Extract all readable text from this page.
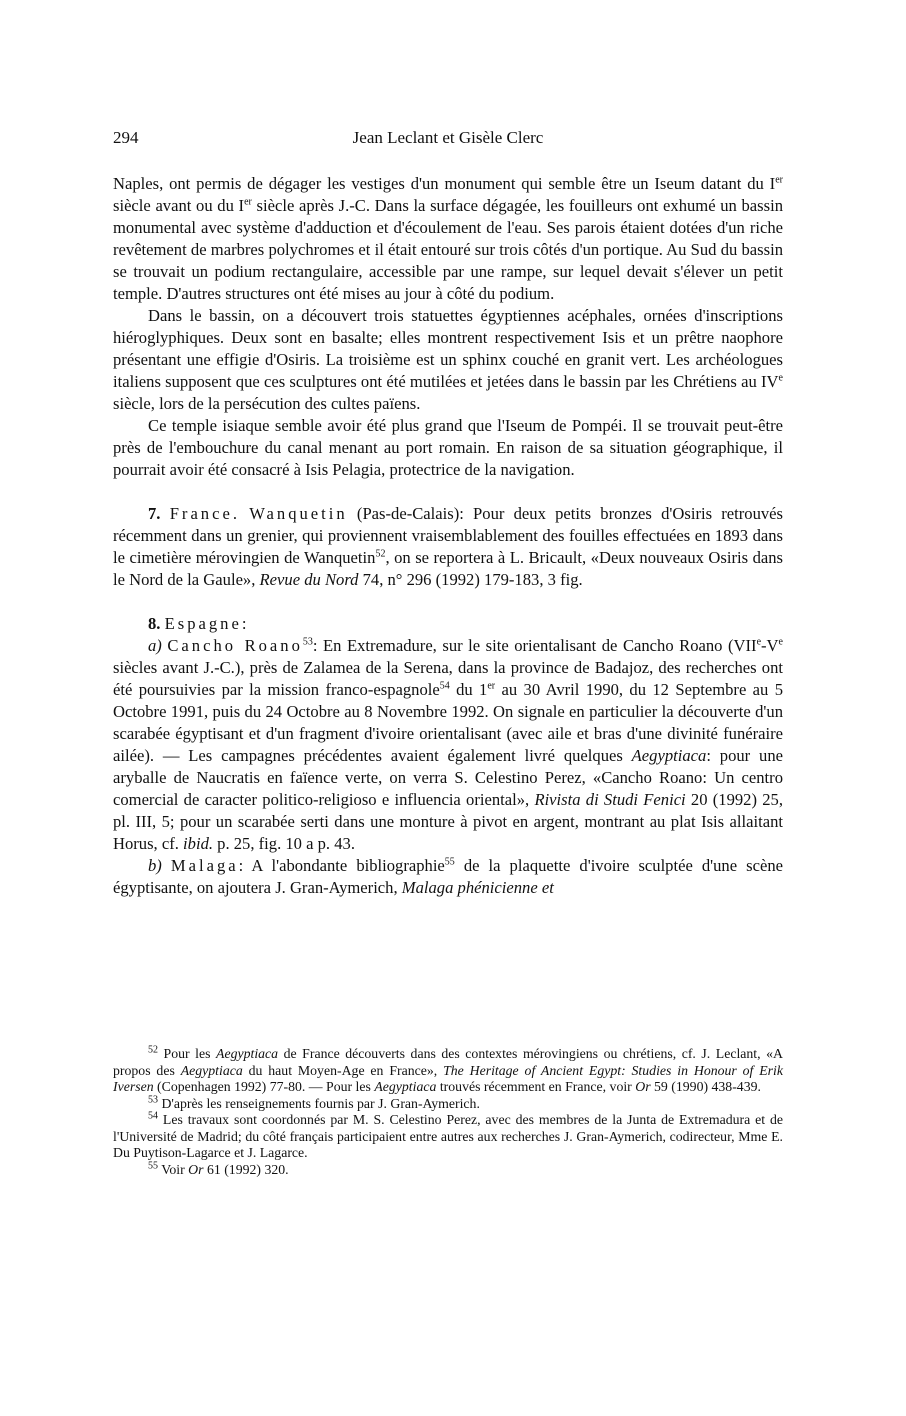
294	Jean Leclant et Gisèle Clerc

Naples, ont permis de dégager les vestiges d'un monument qui semble être un Iseum datant du Ier siècle avant ou du Ier siècle après J.-C. Dans la surface dégagée, les fouilleurs ont exhumé un bassin monumental avec système d'adduction et d'écoulement de l'eau. Ses parois étaient dotées d'un riche revêtement de marbres polychromes et il était entouré sur trois côtés d'un portique. Au Sud du bassin se trouvait un podium rectangulaire, accessible par une rampe, sur lequel devait s'élever un petit temple. D'autres structures ont été mises au jour à côté du podium.

Dans le bassin, on a découvert trois statuettes égyptiennes acéphales, ornées d'inscriptions hiéroglyphiques. Deux sont en basalte; elles montrent respectivement Isis et un prêtre naophore présentant une effigie d'Osiris. La troisième est un sphinx couché en granit vert. Les archéologues italiens supposent que ces sculptures ont été mutilées et jetées dans le bassin par les Chrétiens au IVe siècle, lors de la persécution des cultes païens.

Ce temple isiaque semble avoir été plus grand que l'Iseum de Pompéi. Il se trouvait peut-être près de l'embouchure du canal menant au port romain. En raison de sa situation géographique, il pourrait avoir été consacré à Isis Pelagia, protectrice de la navigation.

7. France. Wanquetin (Pas-de-Calais): Pour deux petits bronzes d'Osiris retrouvés récemment dans un grenier, qui proviennent vraisemblablement des fouilles effectuées en 1893 dans le cimetière mérovingien de Wanquetin$^{52}$, on se reportera à L. Bricault, «Deux nouveaux Osiris dans le Nord de la Gaule», Revue du Nord 74, n° 296 (1992) 179-183, 3 fig.

8. Espagne:

a) Cancho Roano$^{53}$: En Extremadure, sur le site orientalisant de Cancho Roano (VIIe-Ve siècles avant J.-C.), près de Zalamea de la Serena, dans la province de Badajoz, des recherches ont été poursuivies par la mission franco-espagnole$^{54}$ du 1er au 30 Avril 1990, du 12 Septembre au 5 Octobre 1991, puis du 24 Octobre au 8 Novembre 1992. On signale en particulier la découverte d'un scarabée égyptisant et d'un fragment d'ivoire orientalisant (avec aile et bras d'une divinité funéraire ailée). — Les campagnes précédentes avaient également livré quelques Aegyptiaca: pour une aryballe de Naucratis en faïence verte, on verra S. Celestino Perez, «Cancho Roano: Un centro comercial de caracter politico-religioso e influencia oriental», Rivista di Studi Fenici 20 (1992) 25, pl. III, 5; pour un scarabée serti dans une monture à pivot en argent, montrant au plat Isis allaitant Horus, cf. ibid. p. 25, fig. 10 a p. 43.

b) Malaga: A l'abondante bibliographie$^{55}$ de la plaquette d'ivoire sculptée d'une scène égyptisante, on ajoutera J. Gran-Aymerich, Malaga phénicienne et

$^{52}$ Pour les Aegyptiaca de France découverts dans des contextes mérovingiens ou chrétiens, cf. J. Leclant, «A propos des Aegyptiaca du haut Moyen-Age en France», The Heritage of Ancient Egypt: Studies in Honour of Erik Iversen (Copenhagen 1992) 77-80. — Pour les Aegyptiaca trouvés récemment en France, voir Or 59 (1990) 438-439.

$^{53}$ D'après les renseignements fournis par J. Gran-Aymerich.

$^{54}$ Les travaux sont coordonnés par M. S. Celestino Perez, avec des membres de la Junta de Extremadura et de l'Université de Madrid; du côté français participaient entre autres aux recherches J. Gran-Aymerich, codirecteur, Mme E. Du Puytison-Lagarce et J. Lagarce.

$^{55}$ Voir Or 61 (1992) 320.
